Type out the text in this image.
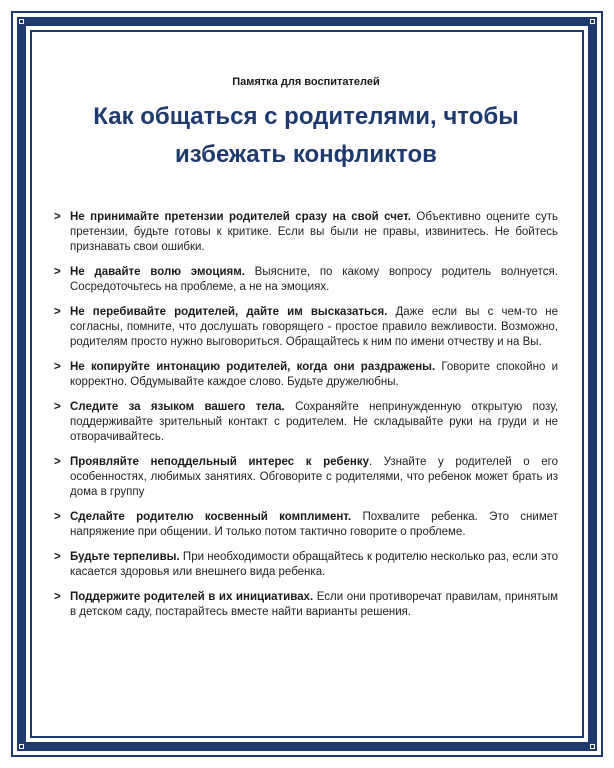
Памятка для воспитателей
Как общаться с родителями, чтобы избежать конфликтов
> Не принимайте претензии родителей сразу на свой счет. Объективно оцените суть претензии, будьте готовы к критике. Если вы были не правы, извинитесь. Не бойтесь признавать свои ошибки.
> Не давайте волю эмоциям. Выясните, по какому вопросу родитель волнуется. Сосредоточьтесь на проблеме, а не на эмоциях.
> Не перебивайте родителей, дайте им высказаться. Даже если вы с чем-то не согласны, помните, что дослушать говорящего - простое правило вежливости. Возможно, родителям просто нужно выговориться. Обращайтесь к ним по имени отчеству и на Вы.
> Не копируйте интонацию родителей, когда они раздражены. Говорите спокойно и корректно. Обдумывайте каждое слово. Будьте дружелюбны.
> Следите за языком вашего тела. Сохраняйте непринужденную открытую позу, поддерживайте зрительный контакт с родителем. Не складывайте руки на груди и не отворачивайтесь.
> Проявляйте неподдельный интерес к ребенку. Узнайте у родителей о его особенностях, любимых занятиях. Обговорите с родителями, что ребенок может брать из дома в группу
> Сделайте родителю косвенный комплимент. Похвалите ребенка. Это снимет напряжение при общении. И только потом тактично говорите о проблеме.
> Будьте терпеливы. При необходимости обращайтесь к родителю несколько раз, если это касается здоровья или внешнего вида ребенка.
> Поддержите родителей в их инициативах. Если они противоречат правилам, принятым в детском саду, постарайтесь вместе найти варианты решения.
